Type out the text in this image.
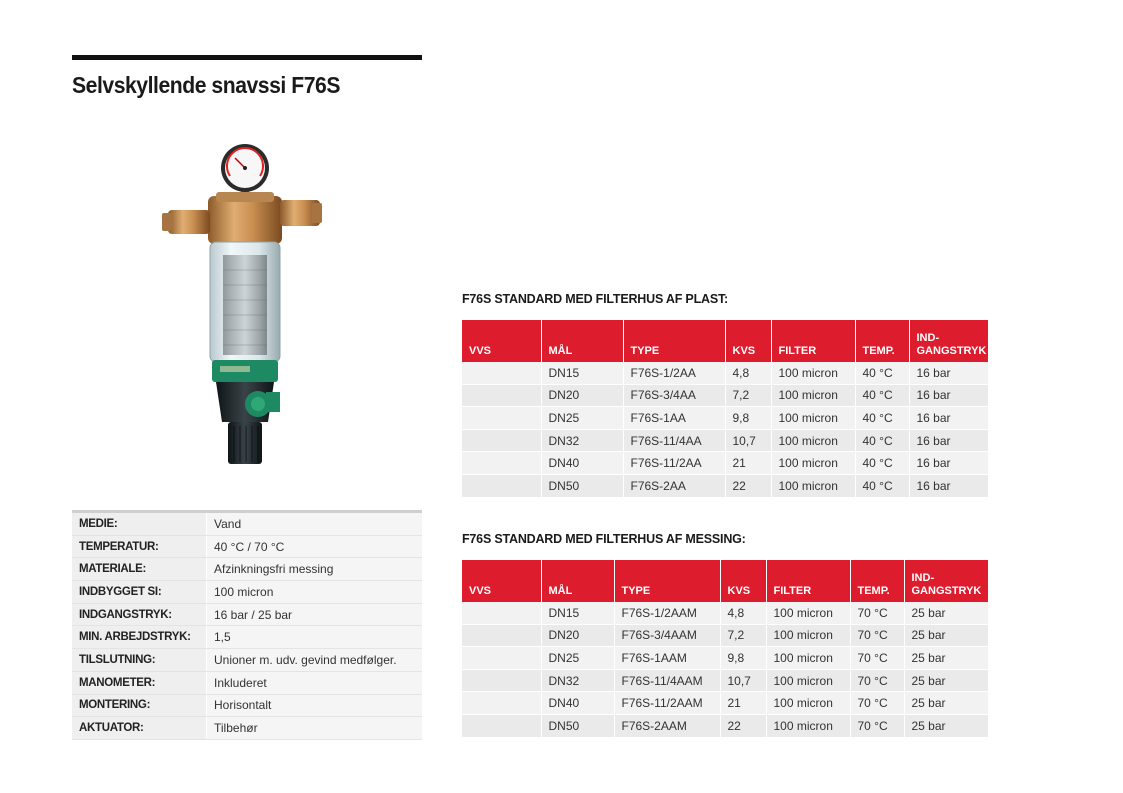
Selvskyllende snavssi F76S
MEDIE:	Vand
TEMPERATUR:	40 °C / 70 °C
MATERIALE:	Afzinkningsfri messing
INDBYGGET SI:	100 micron
INDGANGSTRYK:	16 bar / 25 bar
MIN. ARBEJDSTRYK:	1,5
TILSLUTNING:	Unioner m. udv. gevind medfølger.
MANOMETER:	Inkluderet
MONTERING:	Horisontalt
AKTUATOR:	Tilbehør
F76S STANDARD MED FILTERHUS AF PLAST:
VVS	MÅL	TYPE	KVS	FILTER	TEMP.	IND-
GANGSTRYK
	DN15	F76S-1/2AA	4,8	100 micron	40 °C	16 bar
	DN20	F76S-3/4AA	7,2	100 micron	40 °C	16 bar
	DN25	F76S-1AA	9,8	100 micron	40 °C	16 bar
	DN32	F76S-11/4AA	10,7	100 micron	40 °C	16 bar
	DN40	F76S-11/2AA	21	100 micron	40 °C	16 bar
	DN50	F76S-2AA	22	100 micron	40 °C	16 bar
F76S STANDARD MED FILTERHUS AF MESSING:
VVS	MÅL	TYPE	KVS	FILTER	TEMP.	IND-
GANGSTRYK
	DN15	F76S-1/2AAM	4,8	100 micron	70 °C	25 bar
	DN20	F76S-3/4AAM	7,2	100 micron	70 °C	25 bar
	DN25	F76S-1AAM	9,8	100 micron	70 °C	25 bar
	DN32	F76S-11/4AAM	10,7	100 micron	70 °C	25 bar
	DN40	F76S-11/2AAM	21	100 micron	70 °C	25 bar
	DN50	F76S-2AAM	22	100 micron	70 °C	25 bar
